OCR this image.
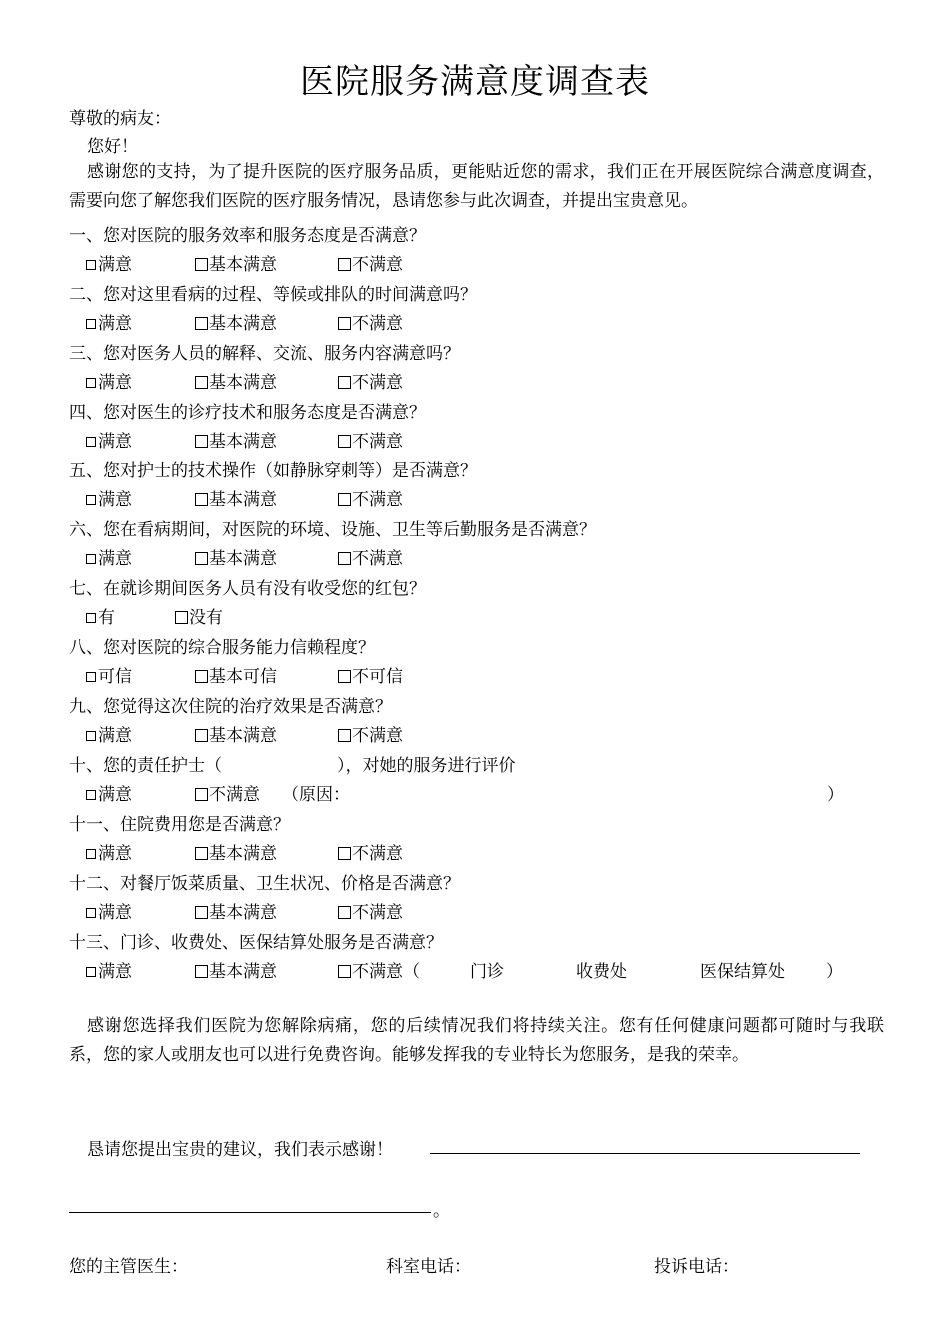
医院服务满意度调查表
尊敬的病友：
您好！
感谢您的支持，为了提升医院的医疗服务品质，更能贴近您的需求，我们正在开展医院综合满意度调查，需要向您了解您我们医院的医疗服务情况，恳请您参与此次调查，并提出宝贵意见。
一、您对医院的服务效率和服务态度是否满意？
满意	基本满意	不满意
二、您对这里看病的过程、等候或排队的时间满意吗？
满意	基本满意	不满意
三、您对医务人员的解释、交流、服务内容满意吗？
满意	基本满意	不满意
四、您对医生的诊疗技术和服务态度是否满意？
满意	基本满意	不满意
五、您对护士的技术操作（如静脉穿刺等）是否满意？
满意	基本满意	不满意
六、您在看病期间，对医院的环境、设施、卫生等后勤服务是否满意？
满意	基本满意	不满意
七、在就诊期间医务人员有没有收受您的红包？
有	没有
八、您对医院的综合服务能力信赖程度？
可信	基本可信	不可信
九、您觉得这次住院的治疗效果是否满意？
满意	基本满意	不满意
十、您的责任护士（	），对她的服务进行评价
满意	不满意 （原因：	）
十一、住院费用您是否满意？
满意	基本满意	不满意
十二、对餐厅饭菜质量、卫生状况、价格是否满意？
满意	基本满意	不满意
十三、门诊、收费处、医保结算处服务是否满意？
满意	基本满意	不满意（	门诊	收费处	医保结算处 ）
感谢您选择我们医院为您解除病痛，您的后续情况我们将持续关注。您有任何健康问题都可随时与我联系，您的家人或朋友也可以进行免费咨询。能够发挥我的专业特长为您服务，是我的荣幸。
恳请您提出宝贵的建议，我们表示感谢！
。
您的主管医生：	科室电话：	投诉电话：
